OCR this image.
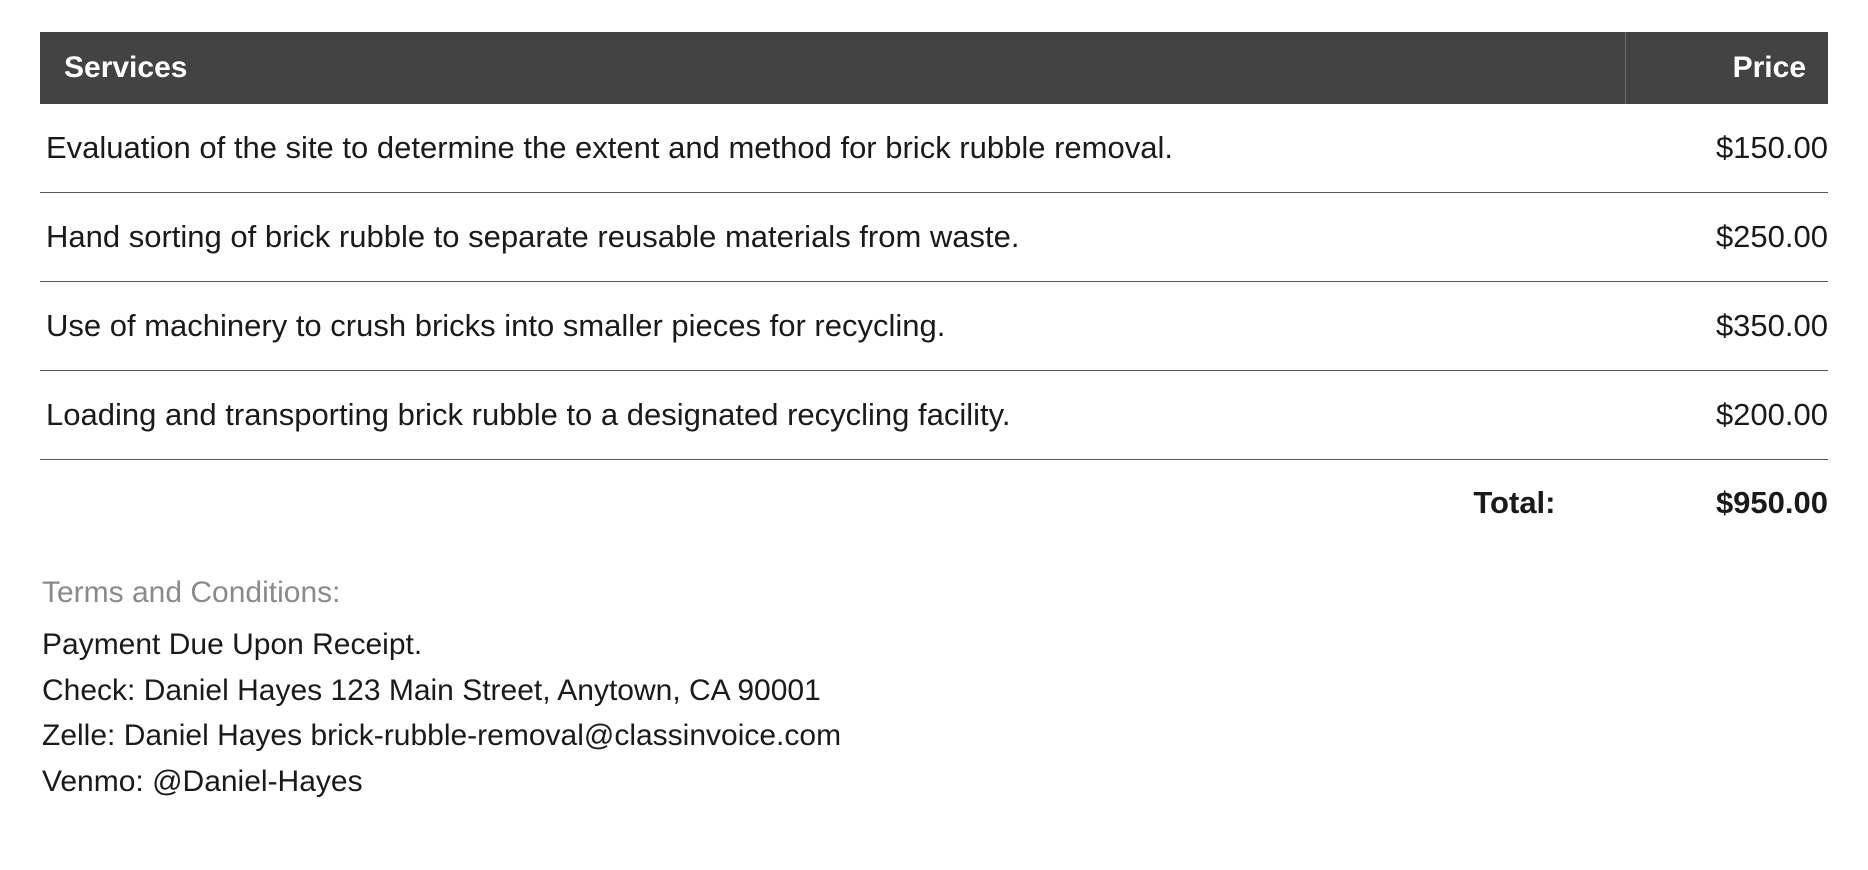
Services	Price
Evaluation of the site to determine the extent and method for brick rubble removal.	$150.00
Hand sorting of brick rubble to separate reusable materials from waste.	$250.00
Use of machinery to crush bricks into smaller pieces for recycling.	$350.00
Loading and transporting brick rubble to a designated recycling facility.	$200.00
Total:	$950.00
Terms and Conditions:
Payment Due Upon Receipt.
Check: Daniel Hayes 123 Main Street, Anytown, CA 90001
Zelle: Daniel Hayes brick-rubble-removal@classinvoice.com
Venmo: @Daniel-Hayes
